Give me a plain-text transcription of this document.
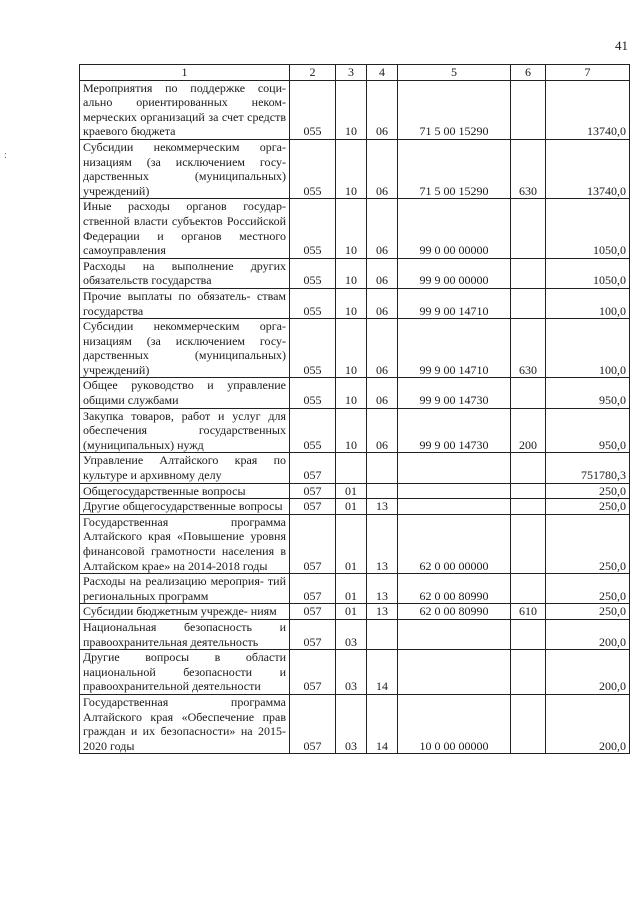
41
:
1	2	3	4	5	6	7
Мероприятия по поддержке соци- ально ориентированных неком- мерческих организаций за счет средств краевого бюджета	055	10	06	71 5 00 15290		13740,0
Субсидии некоммерческим орга- низациям (за исключением госу- дарственных (муниципальных) учреждений)	055	10	06	71 5 00 15290	630	13740,0
Иные расходы органов государ- ственной власти субъектов Российской Федерации и органов местного самоуправления	055	10	06	99 0 00 00000		1050,0
Расходы на выполнение других обязательств государства	055	10	06	99 9 00 00000		1050,0
Прочие выплаты по обязатель- ствам государства	055	10	06	99 9 00 14710		100,0
Субсидии некоммерческим орга- низациям (за исключением госу- дарственных (муниципальных) учреждений)	055	10	06	99 9 00 14710	630	100,0
Общее руководство и управление общими службами	055	10	06	99 9 00 14730		950,0
Закупка товаров, работ и услуг для обеспечения государственных (муниципальных) нужд	055	10	06	99 9 00 14730	200	950,0
Управление Алтайского края по культуре и архивному делу	057					751780,3
Общегосударственные вопросы	057	01				250,0
Другие общегосударственные вопросы	057	01	13			250,0
Государственная программа Алтайского края «Повышение уровня финансовой грамотности населения в Алтайском крае» на 2014-2018 годы	057	01	13	62 0 00 00000		250,0
Расходы на реализацию мероприя- тий региональных программ	057	01	13	62 0 00 80990		250,0
Субсидии бюджетным учрежде- ниям	057	01	13	62 0 00 80990	610	250,0
Национальная безопасность и правоохранительная деятельность	057	03				200,0
Другие вопросы в области национальной безопасности и правоохранительной деятельности	057	03	14			200,0
Государственная программа Алтайского края «Обеспечение прав граждан и их безопасности» на 2015-2020 годы	057	03	14	10 0 00 00000		200,0
